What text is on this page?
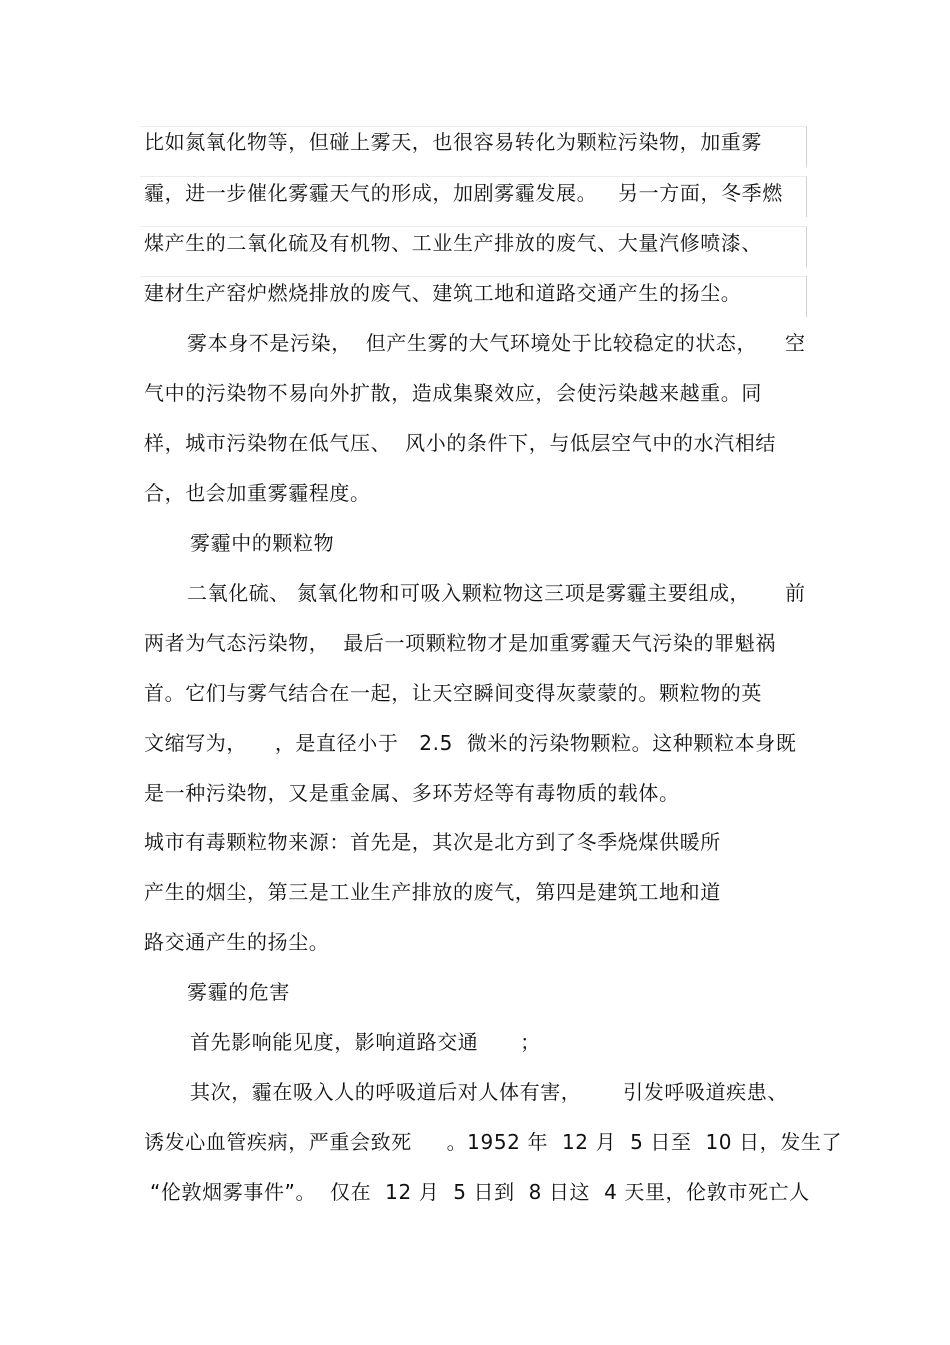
比如氮氧化物等，但碰上雾天，也很容易转化为颗粒污染物，加重雾
霾，进一步催化雾霾天气的形成，加剧雾霾发展。   另一方面，冬季燃
煤产生的二氧化硫及有机物、工业生产排放的废气、大量汽修喷漆、
建材生产窑炉燃烧排放的废气、建筑工地和道路交通产生的扬尘。
雾本身不是污染，  但产生雾的大气环境处于比较稳定的状态，    空
气中的污染物不易向外扩散，造成集聚效应，会使污染越来越重。同
样，城市污染物在低气压、  风小的条件下，与低层空气中的水汽相结
合，也会加重雾霾程度。
雾霾中的颗粒物
二氧化硫、 氮氧化物和可吸入颗粒物这三项是雾霾主要组成，     前
两者为气态污染物，  最后一项颗粒物才是加重雾霾天气污染的罪魁祸
首。它们与雾气结合在一起，让天空瞬间变得灰蒙蒙的。颗粒物的英
文缩写为，    ，是直径小于   2.5  微米的污染物颗粒。这种颗粒本身既
是一种污染物，又是重金属、多环芳烃等有毒物质的载体。
城市有毒颗粒物来源：首先是，其次是北方到了冬季烧煤供暖所
产生的烟尘，第三是工业生产排放的废气，第四是建筑工地和道
路交通产生的扬尘。
雾霾的危害
首先影响能见度，影响道路交通      ；
其次，霾在吸入人的呼吸道后对人体有害，      引发呼吸道疾患、
诱发心血管疾病，严重会致死     。1952 年  12 月  5 日至  10 日，发生了
“伦敦烟雾事件”。  仅在  12 月  5 日到  8 日这  4 天里，伦敦市死亡人
